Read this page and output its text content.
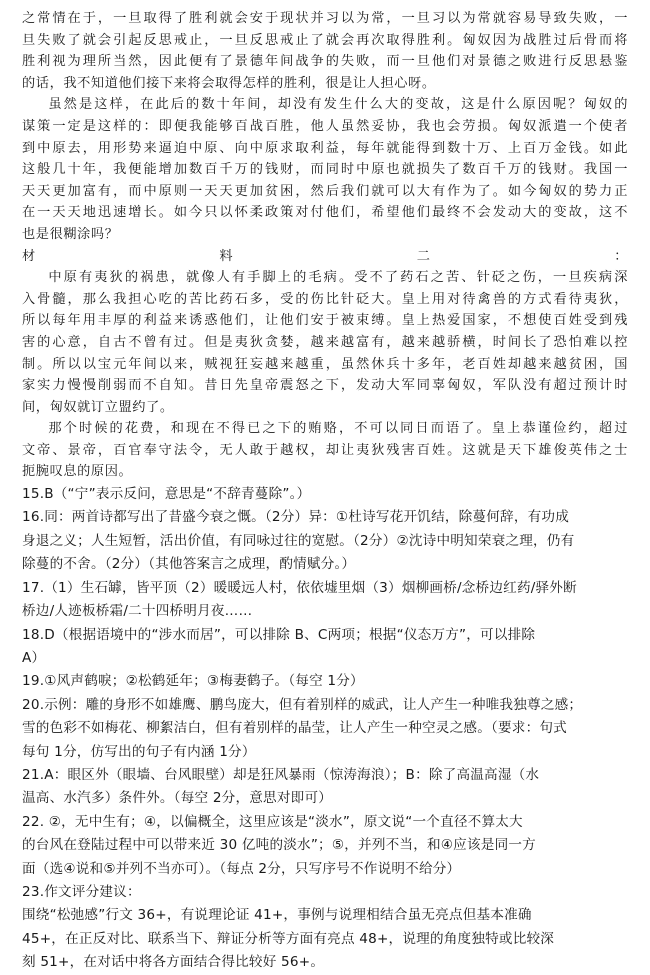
之常情在于，一旦取得了胜利就会安于现状并习以为常，一旦习以为常就容易导致失败，一

旦失败了就会引起反思戒止，一旦反思戒止了就会再次取得胜利。匈奴因为战胜过后骨而将

胜利视为理所当然，因此便有了景德年间战争的失败，而一旦他们对景德之败进行反思悬鉴

的话，我不知道他们接下来将会取得怎样的胜利，很是让人担心呀。

虽然是这样，在此后的数十年间，却没有发生什么大的变故，这是什么原因呢？匈奴的

谋策一定是这样的：即便我能够百战百胜，他人虽然妥协，我也会劳损。匈奴派遣一个使者

到中原去，用形势来逼迫中原、向中原求取利益，每年就能得到数十万、上百万金钱。如此

这般几十年，我便能增加数百千万的钱财，而同时中原也就损失了数百千万的钱财。我国一

天天更加富有，而中原则一天天更加贫困，然后我们就可以大有作为了。如今匈奴的势力正

在一天天地迅速增长。如今只以怀柔政策对付他们，希望他们最终不会发动大的变故，这不

也是很糊涂吗？

材料二：

中原有夷狄的祸患，就像人有手脚上的毛病。受不了药石之苦、针砭之伤，一旦疾病深

入骨髓，那么我担心吃的苦比药石多，受的伤比针砭大。皇上用对待禽兽的方式看待夷狄，

所以每年用丰厚的利益来诱惑他们，让他们安于被束缚。皇上热爱国家，不想使百姓受到残

害的心意，自古不曾有过。但是夷狄贪婪，越来越富有，越来越骄横，时间长了恐怕难以控

制。所以以宝元年间以来，贼视狂妄越来越重，虽然休兵十多年，老百姓却越来越贫困，国

家实力慢慢削弱而不自知。昔日先皇帝震怒之下，发动大军同辜匈奴，军队没有超过预计时

间，匈奴就订立盟约了。

那个时候的花费，和现在不得已之下的贿赂，不可以同日而语了。皇上恭谨俭约，超过

文帝、景帝，百官奉守法令，无人敢于越权，却让夷狄残害百姓。这就是天下雄俊英伟之士

扼腕叹息的原因。

15.B（“宁”表示反问，意思是“不辞青蔓除”。）

16.同：两首诗都写出了昔盛今衰之慨。（2分）异：①杜诗写花开饥结，除蔓何辞，有功成

身退之义；人生短暂，活出价值，有同咏过往的宽慰。（2分）②沈诗中明知荣衰之理，仍有

除蔓的不舍。（2分）（其他答案言之成理，酌情赋分。）

17.（1）生石罅，皆平顶（2）暖暖远人村，依依墟里烟（3）烟柳画桥/念桥边红药/驿外断

桥边/人迹板桥霜/二十四桥明月夜……

18.D（根据语境中的“涉水而居”，可以排除 B、C两项；根据“仪态万方”，可以排除

A）

19.①风声鹤唳；②松鹤延年；③梅妻鹤子。（每空 1分）

20.示例：雕的身形不如雄鹰、鹏鸟庞大，但有着别样的威武，让人产生一种唯我独尊之感；

雪的色彩不如梅花、柳絮洁白，但有着别样的晶莹，让人产生一种空灵之感。（要求：句式

每句 1分，仿写出的句子有内涵 1分）

21.A：眼区外（眼墙、台风眼壁）却是狂风暴雨（惊涛海浪）；B：除了高温高湿（水

温高、水汽多）条件外。（每空 2分，意思对即可）

22. ②，无中生有；④，以偏概全，这里应该是“淡水”，原文说“一个直径不算太大

的台风在登陆过程中可以带来近 30 亿吨的淡水”；⑤，并列不当，和④应该是同一方

面（选④说和⑤并列不当亦可）。（每点 2分，只写序号不作说明不给分）

23.作文评分建议：

围绕“松弛感”行文 36+，有说理论证 41+，事例与说理相结合虽无亮点但基本准确

45+，在正反对比、联系当下、辩证分析等方面有亮点 48+，说理的角度独特或比较深

刻 51+，在对话中将各方面结合得比较好 56+。
